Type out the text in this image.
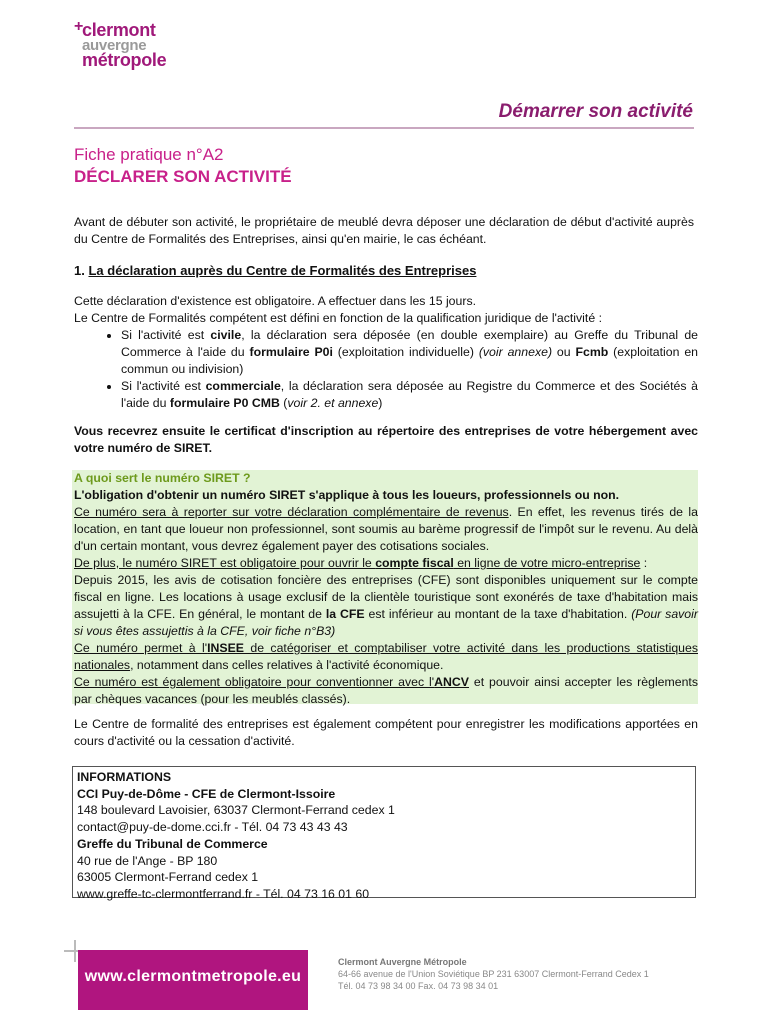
+
clermont
auvergne
métropole
Démarrer son activité
Fiche pratique n°A2
DÉCLARER SON ACTIVITÉ
Avant de débuter son activité, le propriétaire de meublé devra déposer une déclaration de début d'activité auprès du Centre de Formalités des Entreprises, ainsi qu'en mairie, le cas échéant.
1. La déclaration auprès du Centre de Formalités des Entreprises
Cette déclaration d'existence est obligatoire. A effectuer dans les 15 jours.
Le Centre de Formalités compétent est défini en fonction de la qualification juridique de l'activité :
• Si l'activité est civile, la déclaration sera déposée (en double exemplaire) au Greffe du Tribunal de Commerce à l'aide du formulaire P0i (exploitation individuelle) (voir annexe) ou Fcmb (exploitation en commun ou indivision)
• Si l'activité est commerciale, la déclaration sera déposée au Registre du Commerce et des Sociétés à l'aide du formulaire P0 CMB (voir 2. et annexe)
Vous recevrez ensuite le certificat d'inscription au répertoire des entreprises de votre hébergement avec votre numéro de SIRET.

A quoi sert le numéro SIRET ?

L'obligation d'obtenir un numéro SIRET s'applique à tous les loueurs, professionnels ou non.

Ce numéro sera à reporter sur votre déclaration complémentaire de revenus. En effet, les revenus tirés de la location, en tant que loueur non professionnel, sont soumis au barème progressif de l'impôt sur le revenu. Au delà d'un certain montant, vous devrez également payer des cotisations sociales.

De plus, le numéro SIRET est obligatoire pour ouvrir le compte fiscal en ligne de votre micro-entreprise :

Depuis 2015, les avis de cotisation foncière des entreprises (CFE) sont disponibles uniquement sur le compte fiscal en ligne. Les locations à usage exclusif de la clientèle touristique sont exonérés de taxe d'habitation mais assujetti à la CFE. En général, le montant de la CFE est inférieur au montant de la taxe d'habitation. (Pour savoir si vous êtes assujettis à la CFE, voir fiche n°B3)

Ce numéro permet à l'INSEE de catégoriser et comptabiliser votre activité dans les productions statistiques nationales, notamment dans celles relatives à l'activité économique.

Ce numéro est également obligatoire pour conventionner avec l'ANCV et pouvoir ainsi accepter les règlements par chèques vacances (pour les meublés classés).

Le Centre de formalité des entreprises est également compétent pour enregistrer les modifications apportées en cours d'activité ou la cessation d'activité.
INFORMATIONS
CCI Puy-de-Dôme - CFE de Clermont-Issoire
148 boulevard Lavoisier, 63037 Clermont-Ferrand cedex 1
contact@puy-de-dome.cci.fr - Tél. 04 73 43 43 43
Greffe du Tribunal de Commerce
40 rue de l'Ange - BP 180
63005 Clermont-Ferrand cedex 1
www.greffe-tc-clermontferrand.fr - Tél. 04 73 16 01 60
www.clermontmetropole.eu
Clermont Auvergne Métropole
64-66 avenue de l'Union Soviétique BP 231 63007 Clermont-Ferrand Cedex 1
Tél. 04 73 98 34 00 Fax. 04 73 98 34 01
